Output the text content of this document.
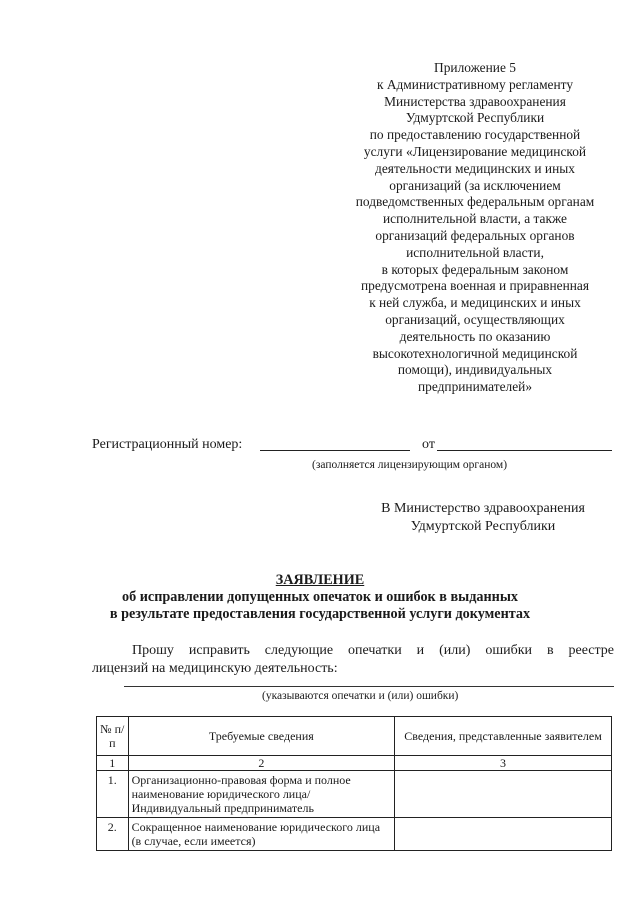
Приложение 5
к Административному регламенту
Министерства здравоохранения
Удмуртской Республики
по предоставлению государственной
услуги «Лицензирование медицинской
деятельности медицинских и иных
организаций (за исключением
подведомственных федеральным органам
исполнительной власти, а также
организаций федеральных органов
исполнительной власти,
в которых федеральным законом
предусмотрена военная и приравненная
к ней служба, и медицинских и иных
организаций, осуществляющих
деятельность по оказанию
высокотехнологичной медицинской
помощи), индивидуальных
предпринимателей»
Регистрационный номер:	от
(заполняется лицензирующим органом)
В Министерство здравоохранения
Удмуртской Республики
ЗАЯВЛЕНИЕ
об исправлении допущенных опечаток и ошибок в выданных
в результате предоставления государственной услуги документах
Прошу исправить следующие опечатки и (или) ошибки в реестре
лицензий на медицинскую деятельность:
(указываются опечатки и (или) ошибки)
№ п/п	Требуемые сведения	Сведения, представленные заявителем
1	2	3
1.	Организационно-правовая форма и полное наименование юридического лица/ Индивидуальный предприниматель	
2.	Сокращенное наименование юридического лица (в случае, если имеется)	
